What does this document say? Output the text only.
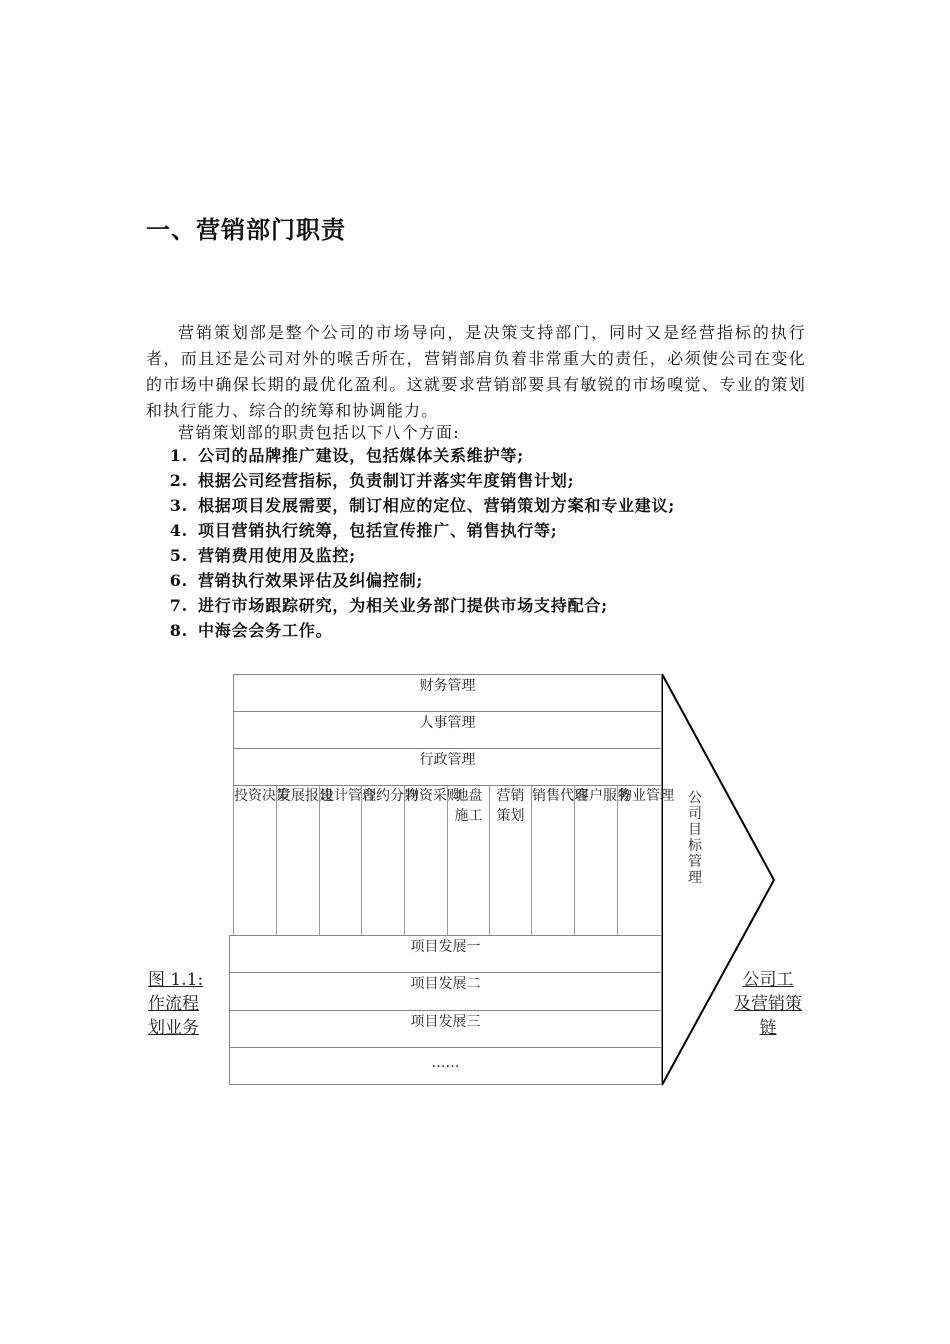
一、营销部门职责
营销策划部是整个公司的市场导向，是决策支持部门，同时又是经营指标的执行者，而且还是公司对外的喉舌所在，营销部肩负着非常重大的责任，必须使公司在变化的市场中确保长期的最优化盈利。这就要求营销部要具有敏锐的市场嗅觉、专业的策划和执行能力、综合的统筹和协调能力。
营销策划部的职责包括以下八个方面:
1. 公司的品牌推广建设，包括媒体关系维护等;
2. 根据公司经营指标，负责制订并落实年度销售计划;
3. 根据项目发展需要，制订相应的定位、营销策划方案和专业建议;
4. 项目营销执行统筹，包括宣传推广、销售执行等;
5. 营销费用使用及监控;
6. 营销执行效果评估及纠偏控制;
7. 进行市场跟踪研究，为相关业务部门提供市场支持配合;
8. 中海会会务工作。
财务管理
人事管理
行政管理
投资决策
发展报建
设计管理
合约分判
物资采购
地盘
施工
营销
策划
销售代理
客户服务
物业管理
项目发展一
项目发展二
项目发展三
……
公
司
目
标
管
理
图 1.1:
作流程
划业务
公司工
及营销策
链
